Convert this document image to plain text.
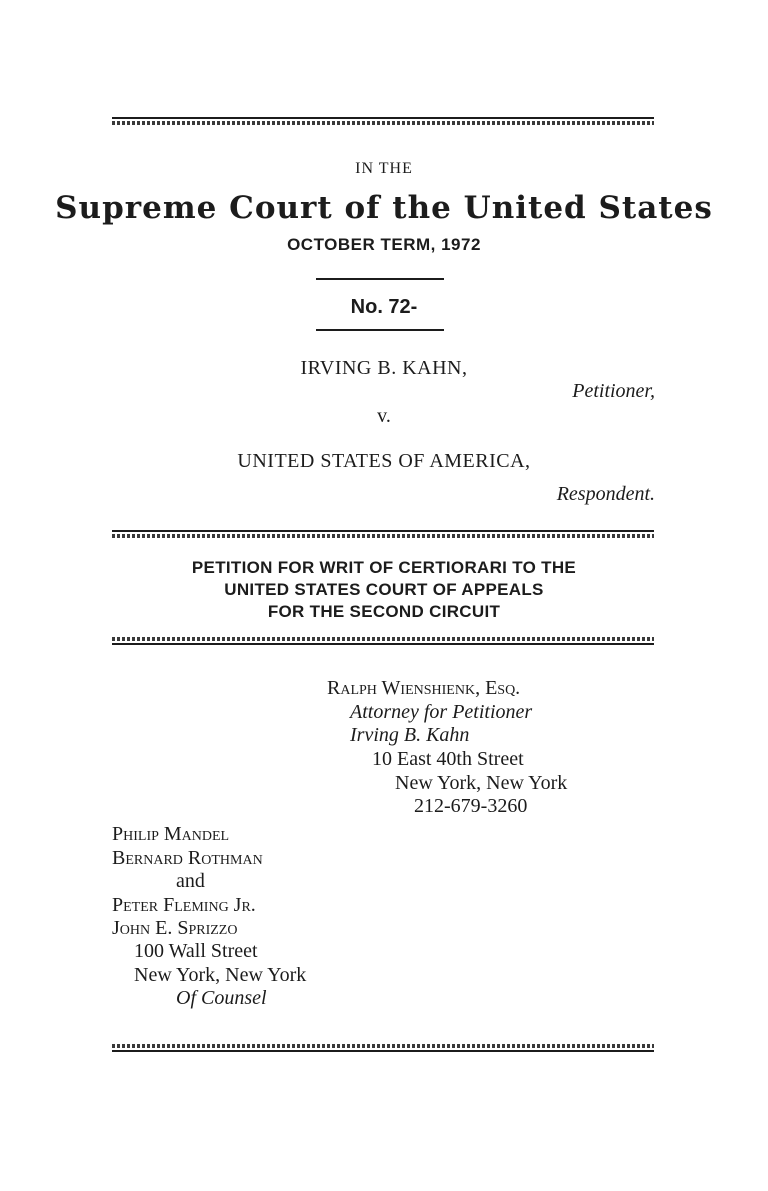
IN THE
Supreme Court of the United States
OCTOBER TERM, 1972
No. 72-
IRVING B. KAHN,
Petitioner,
v.
UNITED STATES OF AMERICA,
Respondent.
PETITION FOR WRIT OF CERTIORARI TO THE
UNITED STATES COURT OF APPEALS
FOR THE SECOND CIRCUIT
Ralph Wienshienk, Esq.
Attorney for Petitioner
Irving B. Kahn
10 East 40th Street
New York, New York
212-679-3260
Philip Mandel
Bernard Rothman
and
Peter Fleming Jr.
John E. Sprizzo
100 Wall Street
New York, New York
Of Counsel
